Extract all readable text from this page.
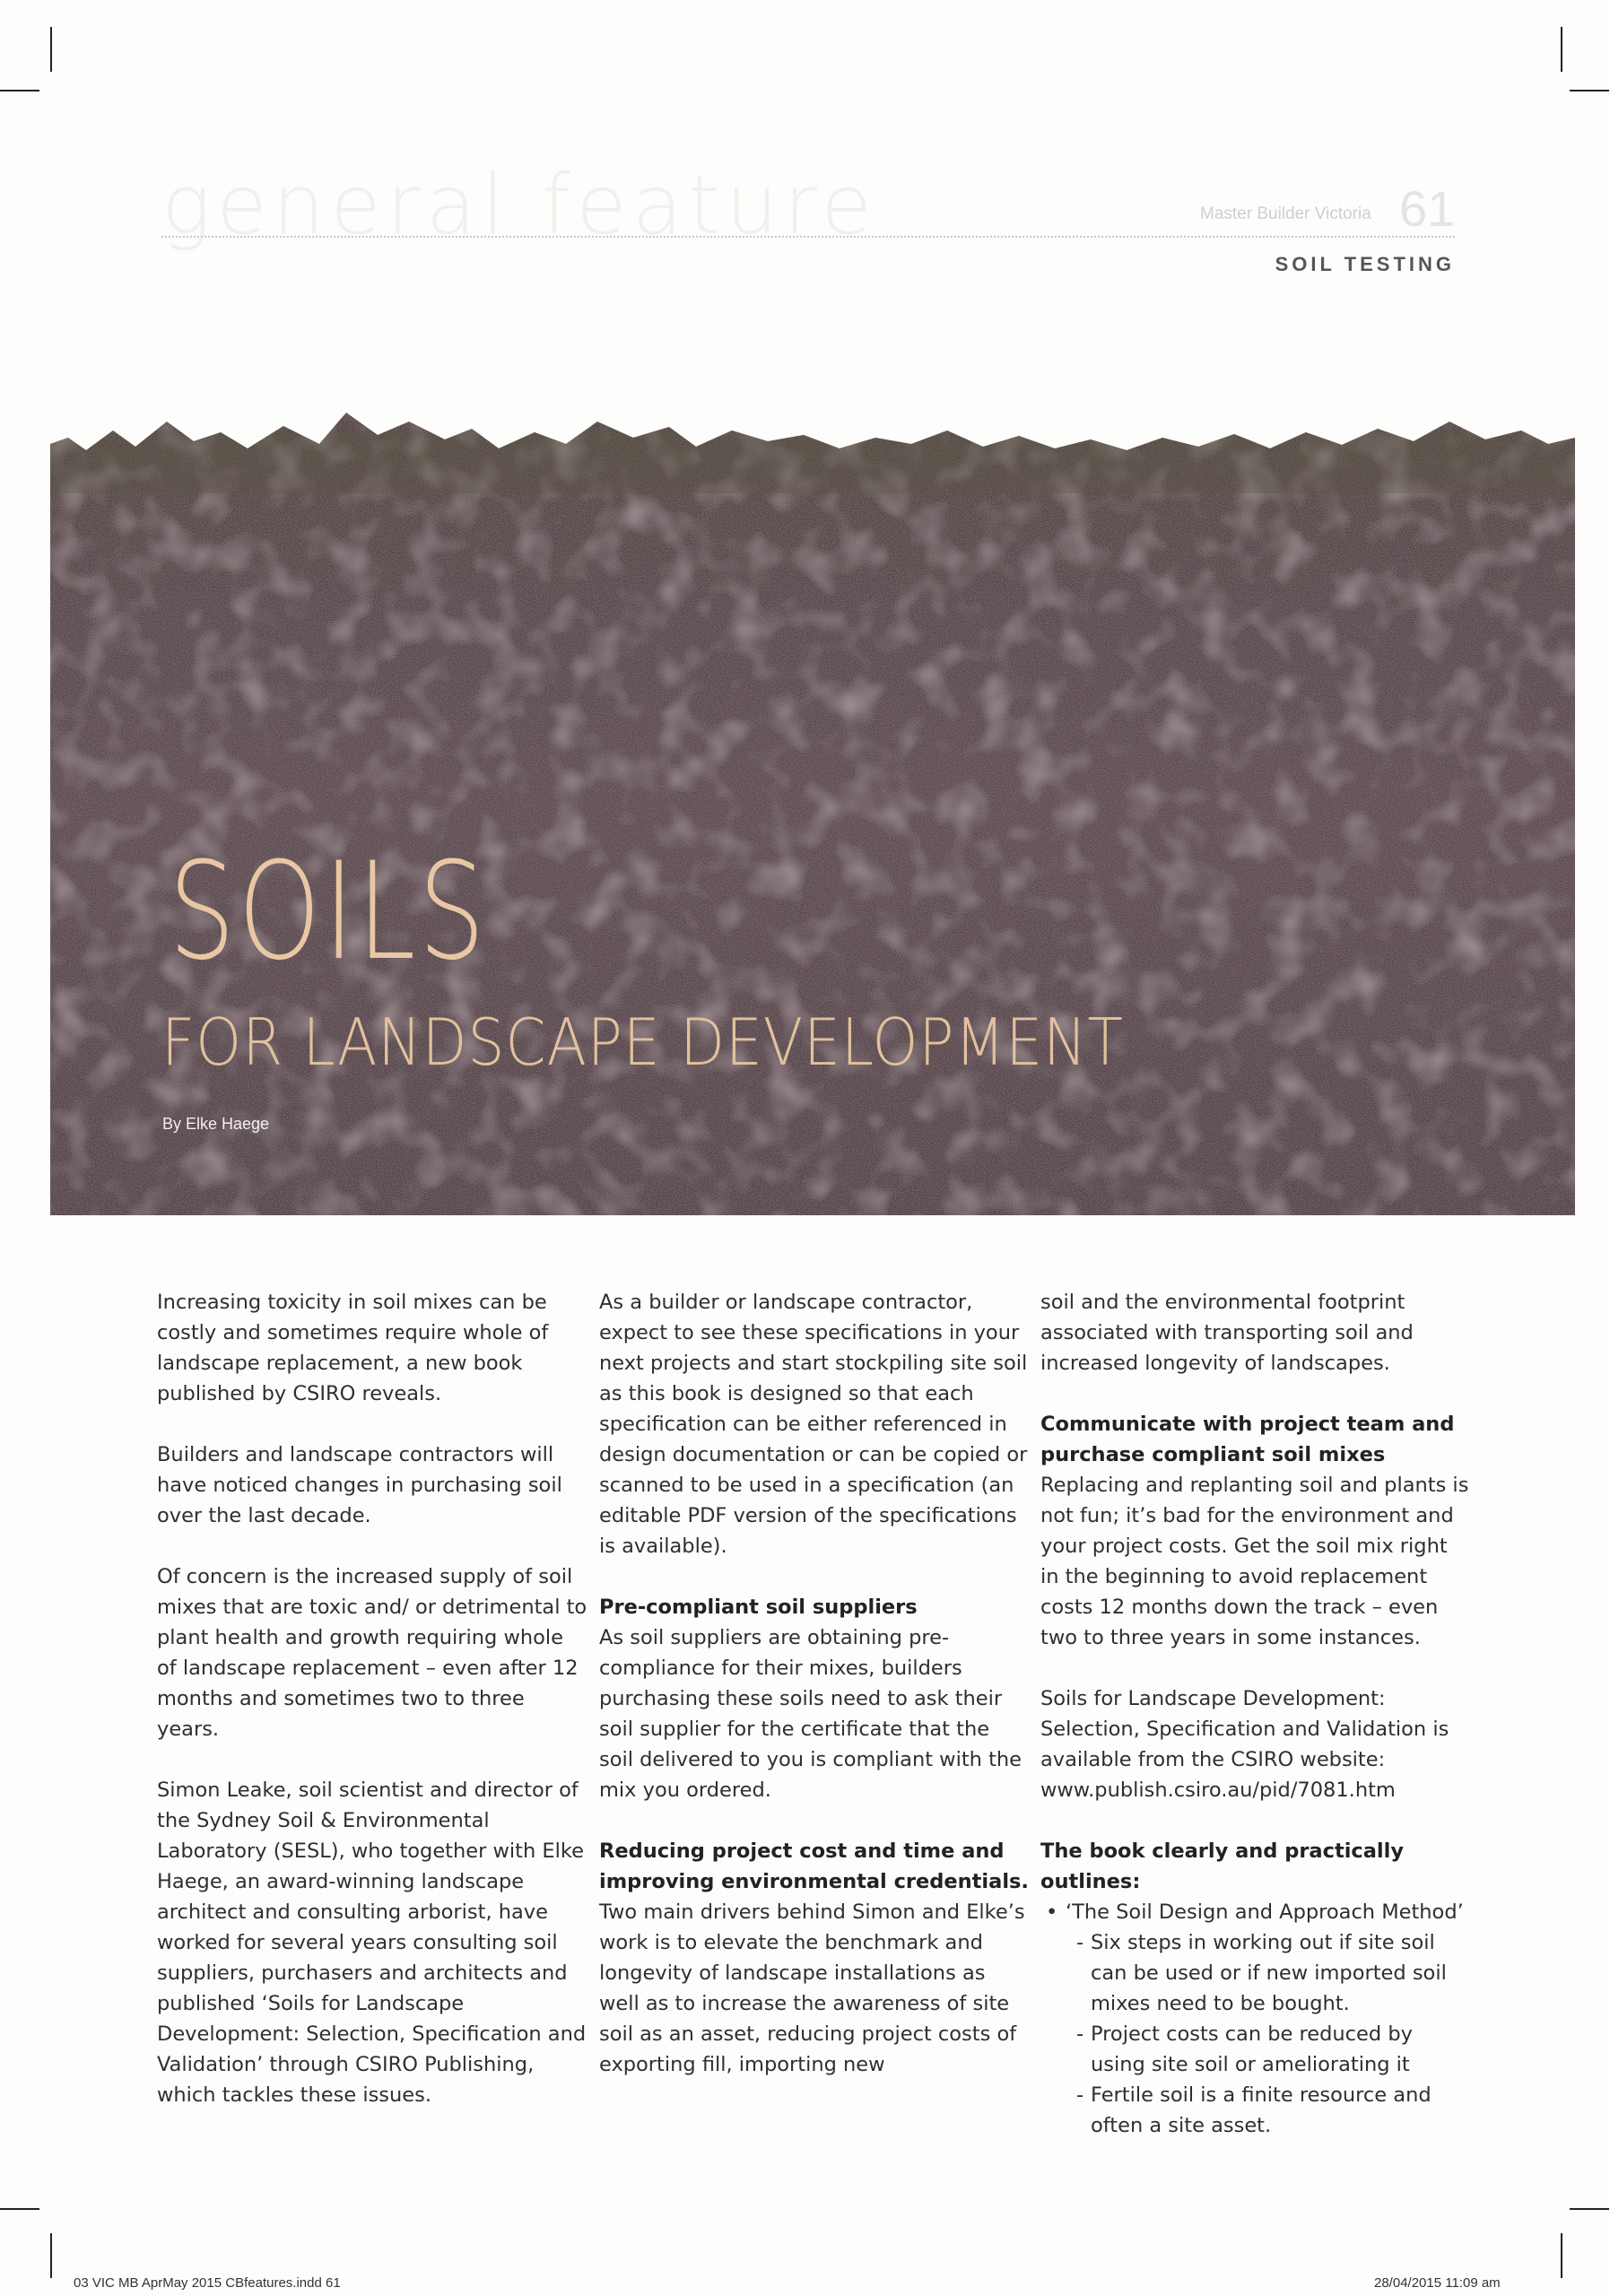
general feature	Master Builder Victoria 61
SOIL TESTING
SOILS
FOR LANDSCAPE DEVELOPMENT
By Elke Haege

Increasing toxicity in soil mixes can be costly and sometimes require whole of landscape replacement, a new book published by CSIRO reveals.

Builders and landscape contractors will have noticed changes in purchasing soil over the last decade.

Of concern is the increased supply of soil mixes that are toxic and/ or detrimental to plant health and growth requiring whole of landscape replacement – even after 12 months and sometimes two to three years.

Simon Leake, soil scientist and director of the Sydney Soil & Environmental Laboratory (SESL), who together with Elke Haege, an award-winning landscape architect and consulting arborist, have worked for several years consulting soil suppliers, purchasers and architects and published ‘Soils for Landscape Development: Selection, Specification and Validation’ through CSIRO Publishing, which tackles these issues.

As a builder or landscape contractor, expect to see these specifications in your next projects and start stockpiling site soil as this book is designed so that each specification can be either referenced in design documentation or can be copied or scanned to be used in a specification (an editable PDF version of the specifications is available).

Pre-compliant soil suppliers

As soil suppliers are obtaining pre-compliance for their mixes, builders purchasing these soils need to ask their soil supplier for the certificate that the soil delivered to you is compliant with the mix you ordered.

Reducing project cost and time and improving environmental credentials.

Two main drivers behind Simon and Elke’s work is to elevate the benchmark and longevity of landscape installations as well as to increase the awareness of site soil as an asset, reducing project costs of exporting fill, importing new

soil and the environmental footprint associated with transporting soil and increased longevity of landscapes.

Communicate with project team and purchase compliant soil mixes

Replacing and replanting soil and plants is not fun; it’s bad for the environment and your project costs. Get the soil mix right in the beginning to avoid replacement costs 12 months down the track – even two to three years in some instances.

Soils for Landscape Development: Selection, Specification and Validation is available from the CSIRO website: www.publish.csiro.au/pid/7081.htm

The book clearly and practically outlines:
• ‘The Soil Design and Approach Method’
- Six steps in working out if site soil can be used or if new imported soil mixes need to be bought.
- Project costs can be reduced by using site soil or ameliorating it
- Fertile soil is a finite resource and often a site asset.
03 VIC MB AprMay 2015 CBfeatures.indd 61	28/04/2015 11:09 am
